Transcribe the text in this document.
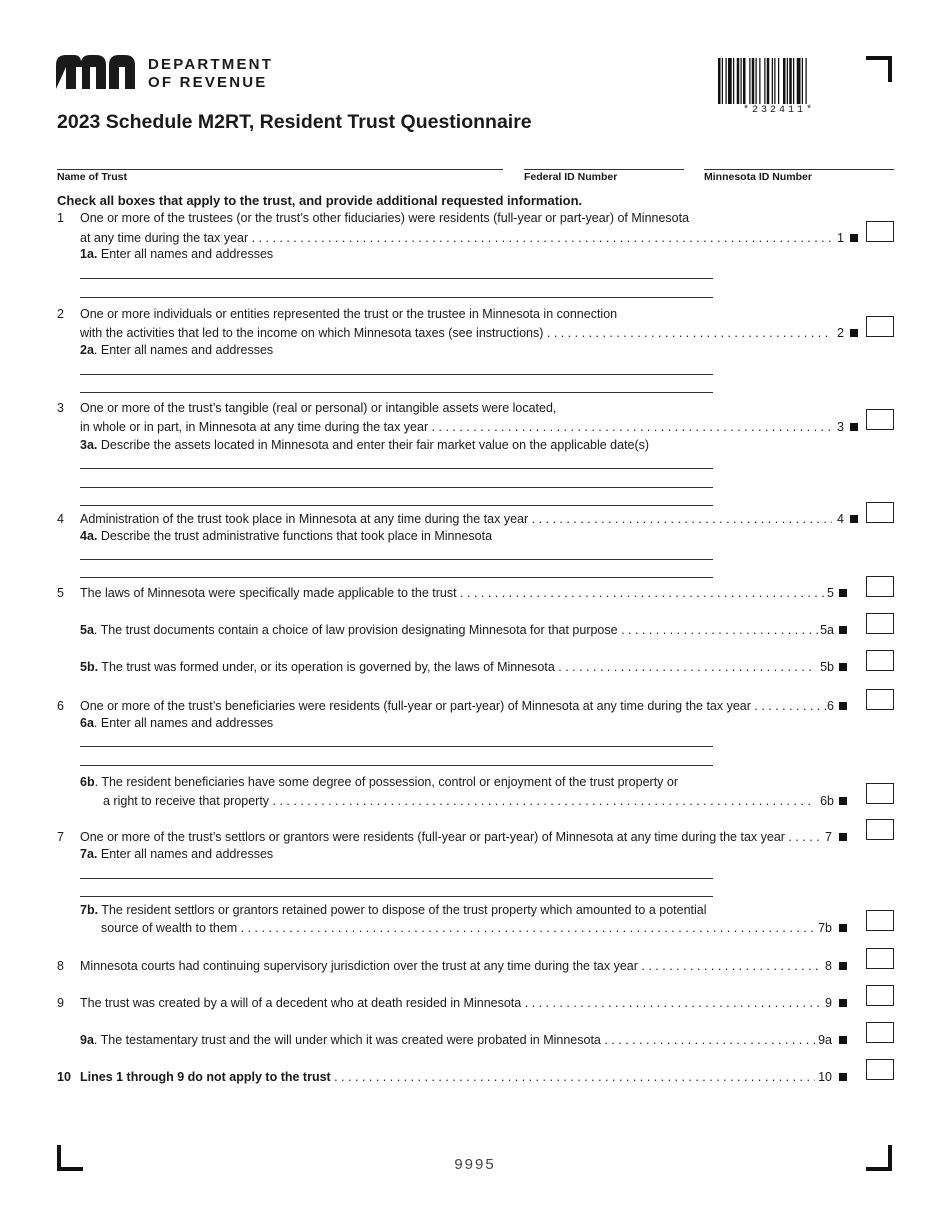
DEPARTMENT
OF REVENUE
*232411*
2023 Schedule M2RT, Resident Trust Questionnaire
Name of Trust	Federal ID Number	Minnesota ID Number
Check all boxes that apply to the trust, and provide additional requested information.
1 One or more of the trustees (or the trust’s other fiduciaries) were residents (full-year or part-year) of Minnesota
at any time during the tax year . . .	1
1a. Enter all names and addresses
2 One or more individuals or entities represented the trust or the trustee in Minnesota in connection
with the activities that led to the income on which Minnesota taxes (see instructions) . . .	2
2a. Enter all names and addresses
3 One or more of the trust’s tangible (real or personal) or intangible assets were located,
in whole or in part, in Minnesota at any time during the tax year . . .	3
3a. Describe the assets located in Minnesota and enter their fair market value on the applicable date(s)
4 Administration of the trust took place in Minnesota at any time during the tax year . . .	4
4a. Describe the trust administrative functions that took place in Minnesota
5 The laws of Minnesota were specifically made applicable to the trust . . .	5
5a. The trust documents contain a choice of law provision designating Minnesota for that purpose . . .	5a
5b. The trust was formed under, or its operation is governed by, the laws of Minnesota . . .	5b
6 One or more of the trust’s beneficiaries were residents (full-year or part-year) of Minnesota at any time during the tax year . . .	6
6a. Enter all names and addresses
6b. The resident beneficiaries have some degree of possession, control or enjoyment of the trust property or
a right to receive that property . . .	6b
7 One or more of the trust’s settlors or grantors were residents (full-year or part-year) of Minnesota at any time during the tax year . . .	7
7a. Enter all names and addresses
7b. The resident settlors or grantors retained power to dispose of the trust property which amounted to a potential
source of wealth to them . . .	7b
8 Minnesota courts had continuing supervisory jurisdiction over the trust at any time during the tax year . . .	8
9 The trust was created by a will of a decedent who at death resided in Minnesota . . .	9
9a. The testamentary trust and the will under which it was created were probated in Minnesota . . .	9a
10 Lines 1 through 9 do not apply to the trust . . .	10
9995
